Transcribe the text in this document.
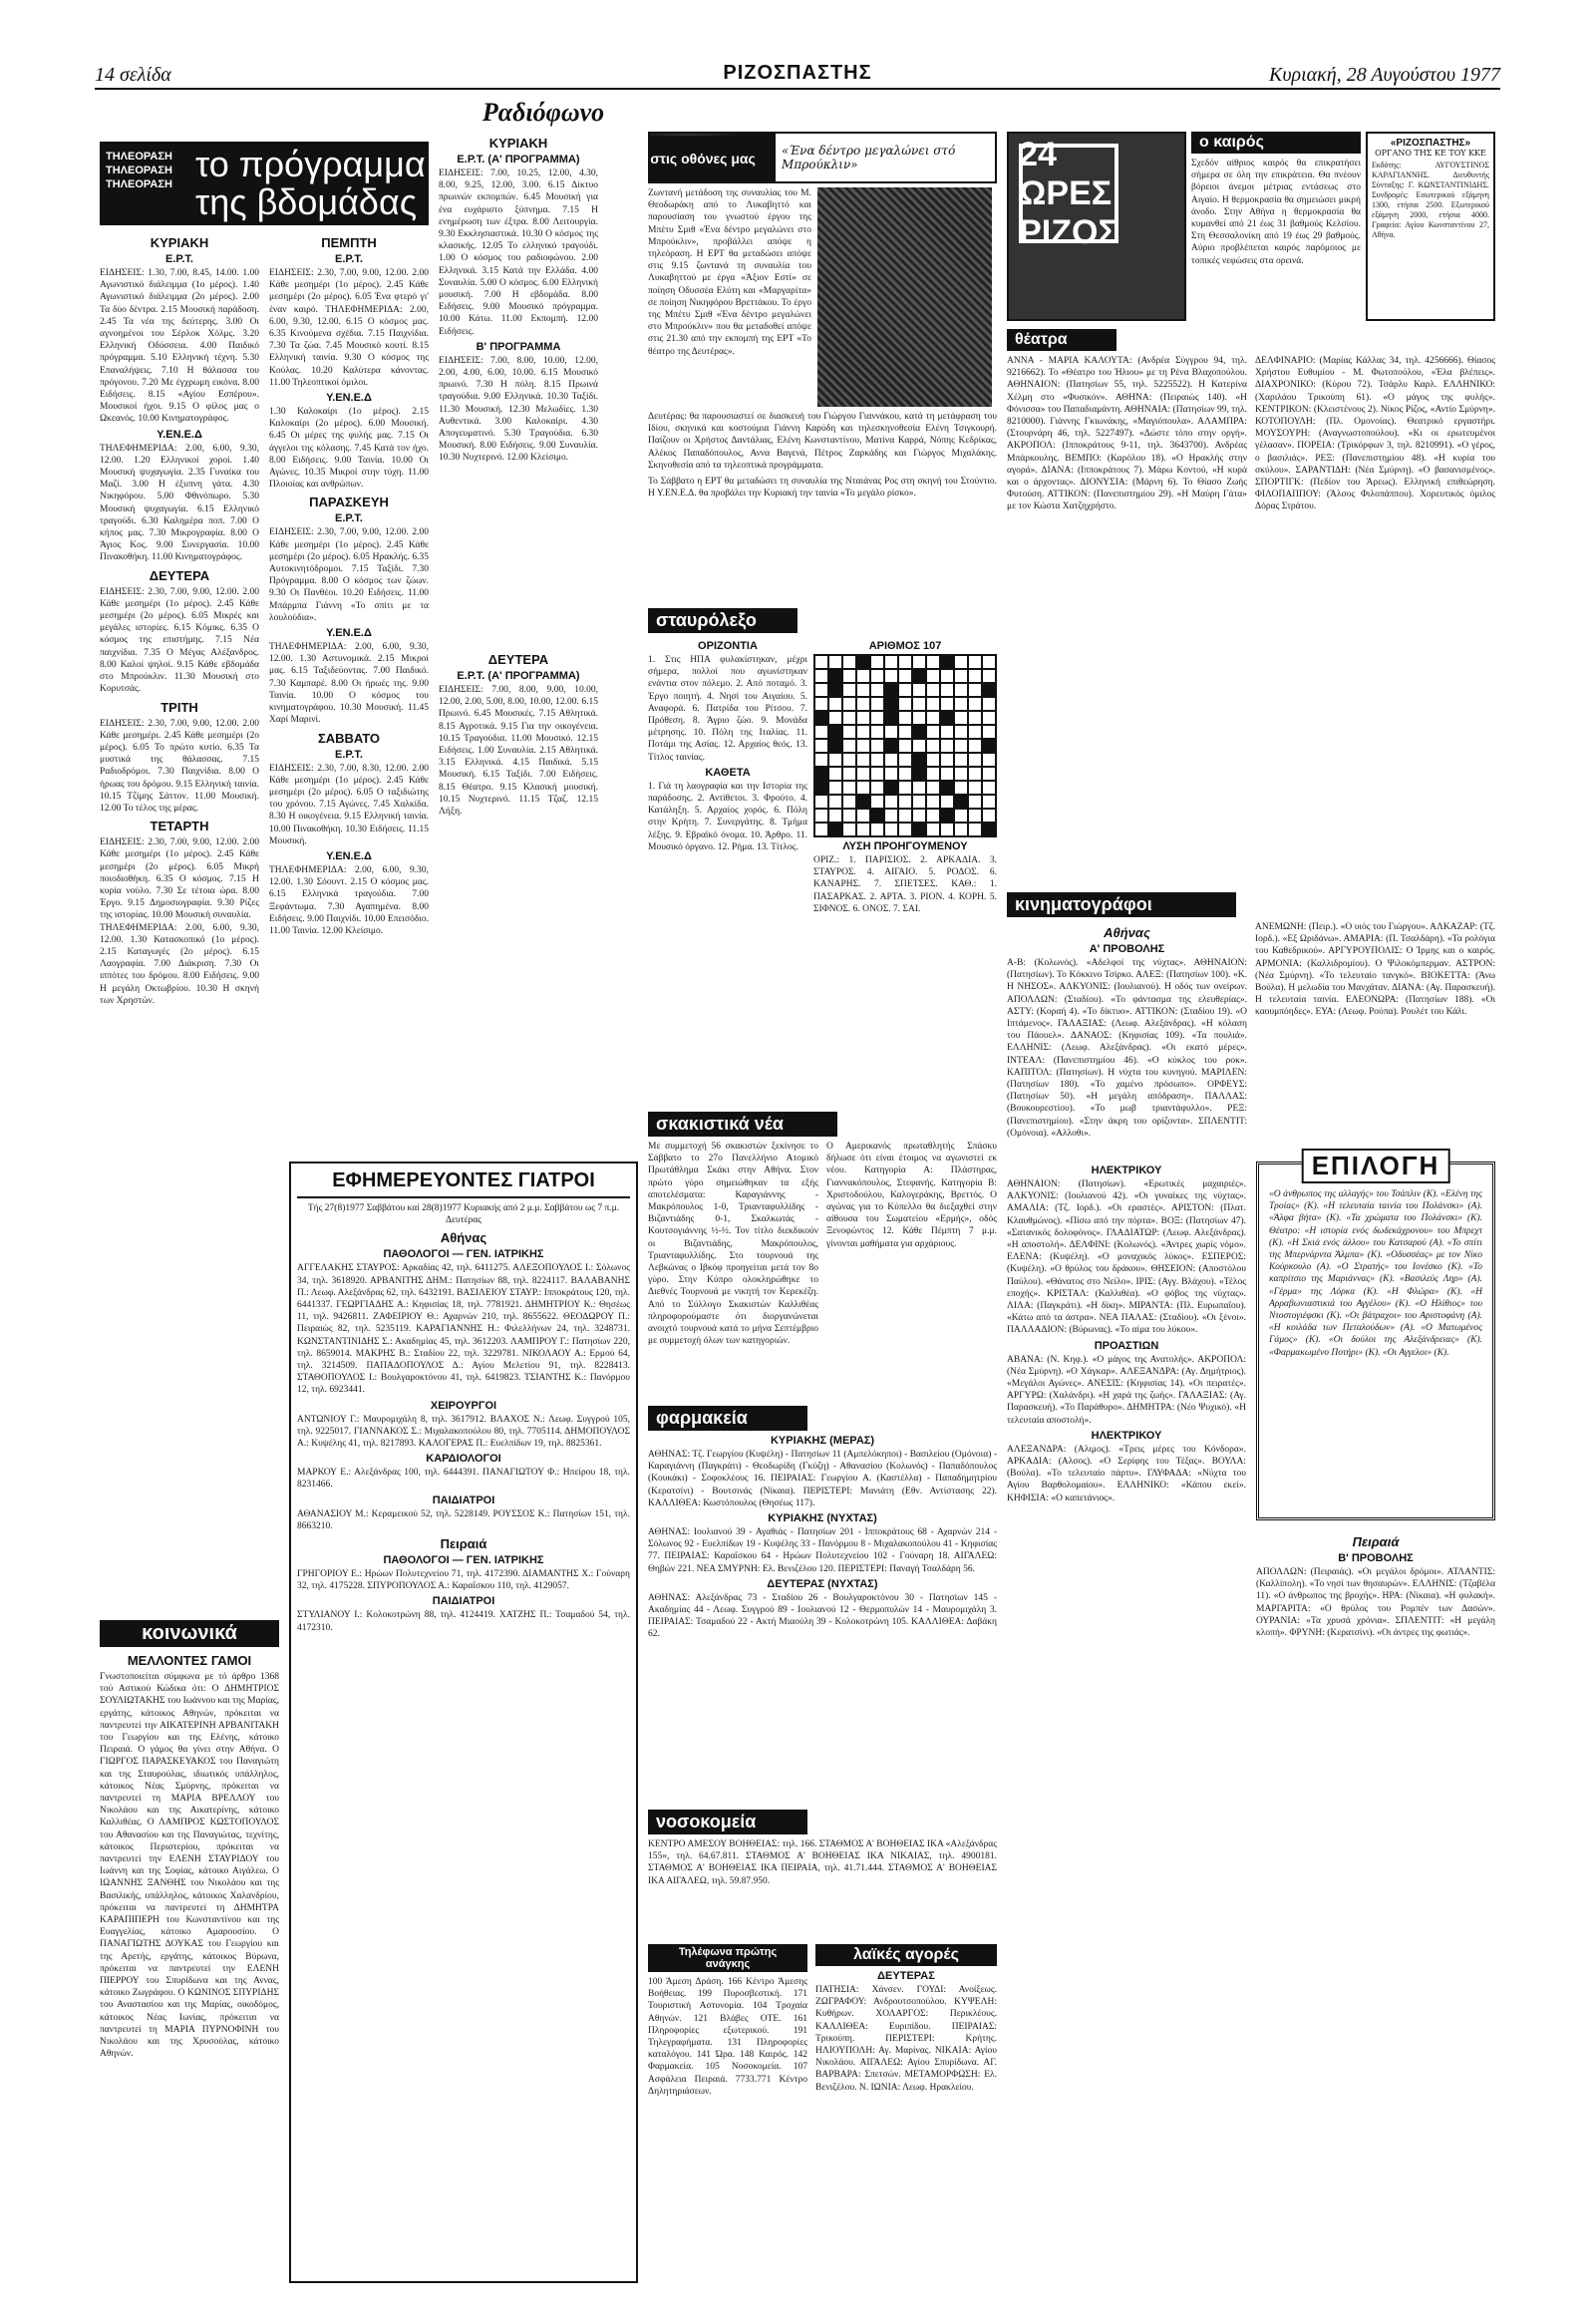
14 σελίδα	ΡΙΖΟΣΠΑΣΤΗΣ	Κυριακή, 28 Αυγούστου 1977
Ραδιόφωνο
ΤΗΛΕΟΡΑΣΗ ΤΗΛΕΟΡΑΣΗ ΤΗΛΕΟΡΑΣΗ το πρόγραμμα της βδομάδας
ΚΥΡΙΑΚΗ
Ε.Ρ.Τ.
ΕΙΔΗΣΕΙΣ: 1.30, 7.00, 8.45, 14.00. 1.00 Αγωνιστικό διάλειμμα (1ο μέρος). 1.40 Αγωνιστικό διάλειμμα (2ο μέρος). 2.00 Τα δύο δέντρα. 2.15 Μουσική παράδοση. 2.45 Τα νέα της δεύτερης. 3.00 Οι αγνοημένοι του Σέρλοκ Χόλμς. 3.20 Ελληνική Οδύσσεια. 4.00 Παιδικό πρόγραμμα. 5.10 Ελληνική τέχνη. 5.30 Επαναλήψεις. 7.10 Η θάλασσα του πρόγονου. 7.20 Με έγχρωμη εικόνα. 8.00 Ειδήσεις. 8.15 «Αγίου Εσπέρου». Μουσικοί ήχοι. 9.15 Ο φίλος μας ο Ωκεανός. 10.00 Κινηματογράφος.
Υ.ΕΝ.Ε.Δ
ΤΗΛΕΦΗΜΕΡΙΔΑ: 2.00, 6.00, 9.30, 12.00. 1.20 Ελληνικοί χοροί. 1.40 Μουσική ψυχαγωγία. 2.35 Γυναίκα του Μαζί. 3.00 Η έξυπνη γάτα. 4.30 Νικηφόρου. 5.00 Φθινόπωρο. 5.30 Μουσική ψυχαγωγία. 6.15 Ελληνικό τραγούδι. 6.30 Καλημέρα ποπ. 7.00 Ο κήπος μας. 7.30 Μικρογραφία. 8.00 Ο Άγιος Κος. 9.00 Συνεργασία. 10.00 Πινακοθήκη. 11.00 Κινηματογράφος.
ΔΕΥΤΕΡΑ
ΕΙΔΗΣΕΙΣ: 2.30, 7.00, 9.00, 12.00. 2.00 Κάθε μεσημέρι (1ο μέρος). 2.45 Κάθε μεσημέρι (2ο μέρος). 6.05 Μικρές και μεγάλες ιστορίες. 6.15 Κόμικς. 6.35 Ο κόσμος της επιστήμης. 7.15 Νέα παιχνίδια. 7.35 Ο Μέγας Αλέξανδρος. 8.00 Καλοί ψηλοί. 9.15 Κάθε εβδομάδα στο Μπρούκλιν. 11.30 Μουσική στο Κορυτσάς.
ΤΡΙΤΗ
ΕΙΔΗΣΕΙΣ: 2.30, 7.00, 9.00, 12.00. 2.00 Κάθε μεσημέρι. 2.45 Κάθε μεσημέρι (2ο μέρος). 6.05 Το πρώτο κυτίο. 6.35 Τα μυστικά της θάλασσας. 7.15 Ραδιοδρόμοι. 7.30 Παιχνίδια. 8.00 Ο ήρωας του δρόμου. 9.15 Ελληνική ταινία. 10.15 Τζίμης Σάττον. 11.00 Μουσική. 12.00 Το τέλος της μέρας.
ΤΕΤΑΡΤΗ
ΕΙΔΗΣΕΙΣ: 2.30, 7.00, 9.00, 12.00. 2.00 Κάθε μεσημέρι (1ο μέρος). 2.45 Κάθε μεσημέρι (2ο μέρος). 6.05 Μικρή ποιοδιοθήκη. 6.35 Ο κόσμος. 7.15 Η κυρία νούλο. 7.30 Σε τέτοια ώρα. 8.00 Έργο. 9.15 Δημοσιογραφία. 9.30 Ρίζες της ιστορίας. 10.00 Μουσική συναυλία.
ΤΗΛΕΦΗΜΕΡΙΔΑ: 2.00, 6.00, 9.30, 12.00. 1.30 Κατασκοπικό (1ο μέρος). 2.15 Καταγωγές (2ο μέρος). 6.15 Λαογραφία. 7.00 Διάκριση. 7.30 Οι ιππότες του δρόμου. 8.00 Ειδήσεις. 9.00 Η μεγάλη Οκτωβρίου. 10.30 Η σκηνή των Χρηστών.
ΠΕΜΠΤΗ
Ε.Ρ.Τ.
ΕΙΔΗΣΕΙΣ: 2.30, 7.00, 9.00, 12.00. 2.00 Κάθε μεσημέρι (1ο μέρος). 2.45 Κάθε μεσημέρι (2ο μέρος). 6.05 Ένα φτερό γι' έναν καιρό. ΤΗΛΕΦΗΜΕΡΙΔΑ: 2.00, 6.00, 9.30, 12.00. 6.15 Ο κόσμος μας. 6.35 Κινούμενα σχέδια. 7.15 Παιχνίδια. 7.30 Τα ζώα. 7.45 Μουσικό κουτί. 8.15 Ελληνική ταινία. 9.30 Ο κόσμος της Κούλας. 10.20 Καλύτερα κάνοντας. 11.00 Τηλεοπτικοί όμιλοι.
Υ.ΕΝ.Ε.Δ
1.30 Καλοκαίρι (1ο μέρος). 2.15 Καλοκαίρι (2ο μέρος). 6.00 Μουσική. 6.45 Οι μέρες της φυλής μας. 7.15 Οι άγγελοι της κόλασης. 7.45 Κατά τον ήχο. 8.00 Ειδήσεις. 9.00 Ταινία. 10.00 Οι Αγώνες. 10.35 Μικροί στην τύχη. 11.00 Πλοιοίας και ανθρώπων.
ΠΑΡΑΣΚΕΥΗ
Ε.Ρ.Τ.
ΕΙΔΗΣΕΙΣ: 2.30, 7.00, 9.00, 12.00. 2.00 Κάθε μεσημέρι (1ο μέρος). 2.45 Κάθε μεσημέρι (2ο μέρος). 6.05 Ηρακλής. 6.35 Αυτοκινητόδρομοι. 7.15 Ταξίδι. 7.30 Πρόγραμμα. 8.00 Ο κόσμος των ζώων. 9.30 Οι Πανθέοι. 10.20 Ειδήσεις. 11.00 Μπάρμπα Γιάννη «Το σπίτι με τα λουλούδια».
Υ.ΕΝ.Ε.Δ
ΤΗΛΕΦΗΜΕΡΙΔΑ: 2.00, 6.00, 9.30, 12.00. 1.30 Αστυνομικά. 2.15 Μικροί μας. 6.15 Ταξιδεύοντας. 7.00 Παιδικό. 7.30 Καμπαρέ. 8.00 Οι ήρωές της. 9.00 Ταινία. 10.00 Ο κόσμος του κινηματογράφου. 10.30 Μουσική. 11.45 Χαρί Μαρινί.
ΣΑΒΒΑΤΟ
Ε.Ρ.Τ.
ΕΙΔΗΣΕΙΣ: 2.30, 7.00, 8.30, 12.00. 2.00 Κάθε μεσημέρι (1ο μέρος). 2.45 Κάθε μεσημέρι (2ο μέρος). 6.05 Ο ταξιδιώτης του χρόνου. 7.15 Αγώνες. 7.45 Χαλκίδα. 8.30 Η οικογένεια. 9.15 Ελληνική ταινία. 10.00 Πινακοθήκη. 10.30 Ειδήσεις. 11.15 Μουσική.
Υ.ΕΝ.Ε.Δ
ΤΗΛΕΦΗΜΕΡΙΔΑ: 2.00, 6.00, 9.30, 12.00. 1.30 Σόουντ. 2.15 Ο κόσμος μας. 6.15 Ελληνικά τραγούδια. 7.00 Ξεφάντωμα. 7.30 Αγαπημένα. 8.00 Ειδήσεις. 9.00 Παιχνίδι. 10.00 Επεισόδιο. 11.00 Ταινία. 12.00 Κλείσιμο.
ΚΥΡΙΑΚΗ
Ε.Ρ.Τ. (Α' ΠΡΟΓΡΑΜΜΑ)
ΕΙΔΗΣΕΙΣ: 7.00, 10.25, 12.00, 4.30, 8.00, 9.25, 12.00, 3.00. 6.15 Δίκτυο πρωινών εκπομπών. 6.45 Μουσική για ένα ευχάριστο ξύπνημα. 7.15 Η ενημέρωση των έξτρα. 8.00 Λειτουργία. 9.30 Εκκλησιαστικά. 10.30 Ο κόσμος της κλασικής. 12.05 Το ελληνικό τραγούδι. 1.00 Ο κόσμος του ραδιοφώνου. 2.00 Ελληνικά. 3.15 Κατά την Ελλάδα. 4.00 Συναυλία. 5.00 Ο κόσμος. 6.00 Ελληνική μουσική. 7.00 Η εβδομάδα. 8.00 Ειδήσεις. 9.00 Μουσικό πρόγραμμα. 10.00 Κάτω. 11.00 Εκπομπή. 12.00 Ειδήσεις.
Β' ΠΡΟΓΡΑΜΜΑ
ΕΙΔΗΣΕΙΣ: 7.00, 8.00, 10.00, 12.00, 2.00, 4.00, 6.00, 10.00. 6.15 Μουσικό πρωινό. 7.30 Η πόλη. 8.15 Πρωινά τραγούδια. 9.00 Ελληνικά. 10.30 Ταξίδι. 11.30 Μουσική. 12.30 Μελωδίες. 1.30 Αυθεντικά. 3.00 Καλοκαίρι. 4.30 Απογευματινό. 5.30 Τραγούδια. 6.30 Μουσική. 8.00 Ειδήσεις. 9.00 Συναυλία. 10.30 Νυχτερινό. 12.00 Κλείσιμο.
ΔΕΥΤΕΡΑ
Ε.Ρ.Τ. (Α' ΠΡΟΓΡΑΜΜΑ)
ΕΙΔΗΣΕΙΣ: 7.00, 8.00, 9.00, 10.00, 12.00, 2.00, 5.00, 8.00, 10.00, 12.00. 6.15 Πρωινό. 6.45 Μουσικές. 7.15 Αθλητικά. 8.15 Αγροτικά. 9.15 Για την οικογένεια. 10.15 Τραγούδια. 11.00 Μουσικό. 12.15 Ειδήσεις. 1.00 Συναυλία. 2.15 Αθλητικά. 3.15 Ελληνικά. 4.15 Παιδικά. 5.15 Μουσική. 6.15 Ταξίδι. 7.00 Ειδήσεις. 8.15 Θέατρο. 9.15 Κλασική μουσική. 10.15 Νυχτερινό. 11.15 Τζαζ. 12.15 Λήξη.
ΕΦΗΜΕΡΕΥΟΝΤΕΣ ΓΙΑΤΡΟΙ
Τής 27(8)1977 Σαββάτου καί 28(8)1977 Κυριακής από 2 μ.μ. Σαββάτου ως 7 π.μ. Δευτέρας
Αθήνας
ΠΑΘΟΛΟΓΟΙ — ΓΕΝ. ΙΑΤΡΙΚΗΣ
ΑΓΓΕΛΑΚΗΣ ΣΤΑΥΡΟΣ: Αρκαδίας 42, τηλ. 6411275. ΑΛΕΞΟΠΟΥΛΟΣ Ι.: Σόλωνος 34, τηλ. 3618920. ΑΡΒΑΝΙΤΗΣ ΔΗΜ.: Πατησίων 88, τηλ. 8224117. ΒΑΛΑΒΑΝΗΣ Π.: Λεωφ. Αλεξάνδρας 62, τηλ. 6432191. ΒΑΣΙΛΕΙΟΥ ΣΤΑΥΡ.: Ιπποκράτους 120, τηλ. 6441337. ΓΕΩΡΓΙΑΔΗΣ Α.: Κηφισίας 18, τηλ. 7781921. ΔΗΜΗΤΡΙΟΥ Κ.: Θησέως 11, τηλ. 9426811. ΖΑΦΕΙΡΙΟΥ Θ.: Αχαρνών 210, τηλ. 8655622. ΘΕΟΔΩΡΟΥ Π.: Πειραιώς 82, τηλ. 5235119. ΚΑΡΑΓΙΑΝΝΗΣ Η.: Φιλελλήνων 24, τηλ. 3248731. ΚΩΝΣΤΑΝΤΙΝΙΔΗΣ Σ.: Ακαδημίας 45, τηλ. 3612203. ΛΑΜΠΡΟΥ Γ.: Πατησίων 220, τηλ. 8659014. ΜΑΚΡΗΣ Β.: Σταδίου 22, τηλ. 3229781. ΝΙΚΟΛΑΟΥ Α.: Ερμού 64, τηλ. 3214509. ΠΑΠΑΔΟΠΟΥΛΟΣ Δ.: Αγίου Μελετίου 91, τηλ. 8228413. ΣΤΑΘΟΠΟΥΛΟΣ Ι.: Βουλγαροκτόνου 41, τηλ. 6419823. ΤΣΙΑΝΤΗΣ Κ.: Πανόρμου 12, τηλ. 6923441.
ΧΕΙΡΟΥΡΓΟΙ
ΑΝΤΩΝΙΟΥ Γ.: Μαυρομιχάλη 8, τηλ. 3617912. ΒΛΑΧΟΣ Ν.: Λεωφ. Συγγρού 105, τηλ. 9225017. ΓΙΑΝΝΑΚΟΣ Σ.: Μιχαλακοπούλου 80, τηλ. 7705114. ΔΗΜΟΠΟΥΛΟΣ Α.: Κυψέλης 41, τηλ. 8217893. ΚΑΛΟΓΕΡΑΣ Π.: Ευελπίδων 19, τηλ. 8825361.
ΚΑΡΔΙΟΛΟΓΟΙ
ΜΑΡΚΟΥ Ε.: Αλεξάνδρας 100, τηλ. 6444391. ΠΑΝΑΓΙΩΤΟΥ Φ.: Ηπείρου 18, τηλ. 8231466.
ΠΑΙΔΙΑΤΡΟΙ
ΑΘΑΝΑΣΙΟΥ Μ.: Κεραμεικού 52, τηλ. 5228149. ΡΟΥΣΣΟΣ Κ.: Πατησίων 151, τηλ. 8663210.
Πειραιά
ΠΑΘΟΛΟΓΟΙ — ΓΕΝ. ΙΑΤΡΙΚΗΣ
ΓΡΗΓΟΡΙΟΥ Ε.: Ηρώων Πολυτεχνείου 71, τηλ. 4172390. ΔΙΑΜΑΝΤΗΣ Χ.: Γούναρη 32, τηλ. 4175228. ΣΠΥΡΟΠΟΥΛΟΣ Α.: Καραΐσκου 110, τηλ. 4129057.
ΠΑΙΔΙΑΤΡΟΙ
ΣΤΥΛΙΑΝΟΥ Ι.: Κολοκοτρώνη 88, τηλ. 4124419. ΧΑΤΖΗΣ Π.: Τσαμαδού 54, τηλ. 4172310.
κοινωνικά
ΜΕΛΛΟΝΤΕΣ ΓΑΜΟΙ
Γνωστοποιείται σύμφωνα με τό άρθρο 1368 τού Αστικού Κώδικα ότι: Ο ΔΗΜΗΤΡΙΟΣ ΣΟΥΛΙΩΤΑΚΗΣ του Ιωάννου και της Μαρίας, εργάτης, κάτοικος Αθηνών, πρόκειται να παντρευτεί την ΑΙΚΑΤΕΡΙΝΗ ΑΡΒΑΝΙΤΑΚΗ του Γεωργίου και της Ελένης, κάτοικο Πειραιά. Ο γάμος θα γίνει στην Αθήνα. Ο ΓΙΩΡΓΟΣ ΠΑΡΑΣΚΕΥΑΚΟΣ του Παναγιώτη και της Σταυρούλας, ιδιωτικός υπάλληλος, κάτοικος Νέας Σμύρνης, πρόκειται να παντρευτεί τη ΜΑΡΙΑ ΒΡΕΛΛΟΥ του Νικολάου και της Αικατερίνης, κάτοικο Καλλιθέας. Ο ΛΑΜΠΡΟΣ ΚΩΣΤΟΠΟΥΛΟΣ του Αθανασίου και της Παναγιώτας, τεχνίτης, κάτοικος Περιστερίου, πρόκειται να παντρευτεί την ΕΛΕΝΗ ΣΤΑΥΡΙΔΟΥ του Ιωάννη και της Σοφίας, κάτοικο Αιγάλεω. Ο ΙΩΑΝΝΗΣ ΞΑΝΘΗΣ του Νικολάου και της Βασιλικής, υπάλληλος, κάτοικος Χαλανδρίου, πρόκειται να παντρευτεί τη ΔΗΜΗΤΡΑ ΚΑΡΑΠΙΠΕΡΗ του Κωνσταντίνου και της Ευαγγελίας, κάτοικο Αμαρουσίου. Ο ΠΑΝΑΓΙΩΤΗΣ ΔΟΥΚΑΣ του Γεωργίου και της Αρετής, εργάτης, κάτοικος Βύρωνα, πρόκειται να παντρευτεί την ΕΛΕΝΗ ΠΙΕΡΡΟΥ του Σπυρίδωνα και της Αννας, κάτοικο Ζωγράφου. Ο ΚΩΝΙΝΟΣ ΣΠΥΡΙΔΗΣ του Αναστασίου και της Μαρίας, οικοδόμος, κάτοικος Νέας Ιωνίας, πρόκειται να παντρευτεί τη ΜΑΡΙΑ ΠΥΡΝΟΦΙΝΗ του Νικολάου και της Χρυσούλας, κάτοικο Αθηνών.
«Ένα δέντρο μεγαλώνει στό Μπρούκλιν»
Ζωντανή μετάδοση της συναυλίας του Μ. Θεοδωράκη από το Λυκαβηττό και παρουσίαση του γνωστού έργου της Μπέτυ Σμιθ «Ένα δέντρο μεγαλώνει στο Μπρούκλιν», προβάλλει απόψε η τηλεόραση. Η ΕΡΤ θα μεταδώσει απόψε στις 9.15 ζωντανά τη συναυλία του Λυκαβηττού με έργα «Άξιον Εστί» σε ποίηση Οδυσσέα Ελύτη και «Μαργαρίτα» σε ποίηση Νικηφόρου Βρεττάκου. Το έργο της Μπέτυ Σμιθ «Ένα δέντρο μεγαλώνει στο Μπρούκλιν» που θα μεταδοθεί απόψε στις 21.30 από την εκπομπή της ΕΡΤ «Το θέατρο της Δευτέρας».
Δευτέρας: θα παρουσιαστεί σε διασκευή του Γιώργου Γιαννάκου, κατά τη μετάφραση του Ιδίου, σκηνικά και κοστούμια Γιάννη Καρύδη και τηλεσκηνοθεσία Ελένη Τσιγκουρή. Παίζουν οι Χρήστος Δαντάλιας, Ελένη Κωνσταντίνου, Ματίνα Καρρά, Νόπης Κεδρίκας, Αλέκος Παπαδόπουλος, Αννα Βαγενά, Πέτρος Ζαρκάδης και Γιώργος Μιχαλάκης. Σκηνοθεσία από τα τηλεοπτικά προγράμματα.
Το Σάββατο η ΕΡΤ θα μεταδώσει τη συναυλία της Νταιάνας Ρος στη σκηνή του Στούντιο. Η Υ.ΕΝ.Ε.Δ. θα προβάλει την Κυριακή την ταινία «Το μεγάλο ρίσκο».
στις οθόνες μας	24 ΩΡΕΣ ΡΙΖΟΣ
ο καιρός
Σχεδόν αίθριος καιρός θα επικρατήσει σήμερα σε όλη την επικράτεια. Θα πνέουν βόρειοι άνεμοι μέτριας εντάσεως στο Αιγαίο. Η θερμοκρασία θα σημειώσει μικρή άνοδο. Στην Αθήνα η θερμοκρασία θα κυμανθεί από 21 έως 31 βαθμούς Κελσίου. Στη Θεσσαλονίκη από 19 έως 29 βαθμούς. Αύριο προβλέπεται καιρός παρόμοιος με τοπικές νεφώσεις στα ορεινά.
«ΡΙΖΟΣΠΑΣΤΗΣ»
ΟΡΓΑΝΟ ΤΗΣ ΚΕ ΤΟΥ ΚΚΕ
Εκδότης: ΑΥΓΟΥΣΤΙΝΟΣ ΚΑΡΑΓΙΑΝΝΗΣ. Διευθυντής Σύνταξης: Γ. ΚΩΝΣΤΑΝΤΙΝΙΔΗΣ. Συνδρομές: Εσωτερικού εξάμηνη 1300, ετήσια 2500. Εξωτερικού εξάμηνη 2000, ετήσια 4000. Γραφεία: Αγίου Κωνσταντίνου 27, Αθήνα.
θέατρα
ΑΝΝΑ - ΜΑΡΙΑ ΚΑΛΟΥΤΑ: (Ανδρέα Σύγγρου 94, τηλ. 9216662). Το «Θέατρο του Ήλιου» με τη Ρένα Βλαχοπούλου. ΑΘΗΝΑΙΟΝ: (Πατησίων 55, τηλ. 5225522). Η Κατερίνα Χέλμη στο «Φυσικόν». ΑΘΗΝΑ: (Πειραιώς 140). «Η Φόνισσα» του Παπαδιαμάντη. ΑΘΗΝΑΙΑ: (Πατησίων 99, τηλ. 8210000). Γιάννης Γκιωνάκης, «Μαγιόπουλα». ΑΛΑΜΠΡΑ: (Στουρνάρη 46, τηλ. 5227497). «Δώστε τόπο στην οργή». ΑΚΡΟΠΟΛ: (Ιπποκράτους 9-11, τηλ. 3643700). Ανδρέας Μπάρκουλης. ΒΕΜΠΟ: (Καρόλου 18). «Ο Ηρακλής στην αγορά». ΔΙΑΝΑ: (Ιπποκράτους 7). Μάρω Κοντού, «Η κυρά και ο άρχοντας». ΔΙΟΝΥΣΙΑ: (Μάρνη 6). Το Θίασο Ζωής Φυτούση. ΑΤΤΙΚΟΝ: (Πανεπιστημίου 29). «Η Μαύρη Γάτα» με τον Κώστα Χατζηχρήστο.
ΔΕΛΦΙΝΑΡΙΟ: (Μαρίας Κάλλας 34, τηλ. 4256666). Θίασος Χρήστου Ευθυμίου - Μ. Φωτοπούλου, «Έλα βλέπεις». ΔΙΑΧΡΟΝΙΚΟ: (Κύρου 72). Τσάρλυ Καρλ. ΕΛΛΗΝΙΚΟ: (Χαριλάου Τρικούπη 61). «Ο μάγος της φυλής». ΚΕΝΤΡΙΚΟΝ: (Κλειστένους 2). Νίκος Ρίζος, «Αντίο Σμύρνη». ΚΟΤΟΠΟΥΛΗ: (Πλ. Ομονοίας). Θεατρικό εργαστήρι. ΜΟΥΣΟΥΡΗ: (Αναγνωστοπούλου). «Κι οι ερωτευμένοι γέλασαν». ΠΟΡΕΙΑ: (Τρικόρφων 3, τηλ. 8210991). «Ο γέρος, ο βασιλιάς». ΡΕΞ: (Πανεπιστημίου 48). «Η κυρία του σκύλου». ΣΑΡΑΝΤΙΔΗ: (Νέα Σμύρνη). «Ο βασανισμένος». ΣΠΟΡΤΙΓΚ: (Πεδίον του Άρεως). Ελληνική επιθεώρηση. ΦΙΛΟΠΑΠΠΟΥ: (Άλσος Φιλοπάππου). Χορευτικός όμιλος Δόρας Στράτου.
σταυρόλεξο
ΟΡΙΖΟΝΤΙΑ
1. Στις ΗΠΑ φυλακίστηκαν, μέχρι σήμερα, πολλοί που αγωνίστηκαν ενάντια στον πόλεμο. 2. Από ποταμό. 3. Έργο ποιητή. 4. Νησί του Αιγαίου. 5. Αναφορά. 6. Πατρίδα του Ρίτσου. 7. Πρόθεση. 8. Άγριο ζώο. 9. Μονάδα μέτρησης. 10. Πόλη της Ιταλίας. 11. Ποτάμι της Ασίας. 12. Αρχαίος θεός. 13. Τίτλος ταινίας.
ΚΑΘΕΤΑ
1. Γιά τη λαογραφία και την Ιστορία της παράδοσης. 2. Αντίθετοι. 3. Φρούτο. 4. Κατάληξη. 5. Αρχαίος χορός. 6. Πόλη στην Κρήτη. 7. Συνεργάτης. 8. Τμήμα λέξης. 9. Εβραϊκό όνομα. 10. Άρθρο. 11. Μουσικό όργανο. 12. Ρήμα. 13. Τίτλος.
ΑΡΙΘΜΟΣ 107
ΛΥΣΗ ΠΡΟΗΓΟΥΜΕΝΟΥ
ΟΡΙΖ.: 1. ΠΑΡΙΣΙΟΣ. 2. ΑΡΚΑΔΙΑ. 3. ΣΤΑΥΡΟΣ. 4. ΑΙΓΑΙΟ. 5. ΡΟΔΟΣ. 6. ΚΑΝΑΡΗΣ. 7. ΣΠΕΤΣΕΣ. ΚΑΘ.: 1. ΠΑΣΑΡΚΑΣ. 2. ΑΡΤΑ. 3. ΡΙΟΝ. 4. ΚΟΡΗ. 5. ΣΙΦΝΟΣ. 6. ΟΝΟΣ. 7. ΣΑΙ.
σκακιστικά νέα
Με συμμετοχή 56 σκακιστών ξεκίνησε το Σάββατο το 27ο Πανελλήνιο Ατομικό Πρωτάθλημα Σκάκι στην Αθήνα. Στον πρώτο γύρο σημειώθηκαν τα εξής αποτελέσματα: Καραγιάννης - Μακρόπουλος 1-0, Τριανταφυλλίδης - Βιζαντιάδης 0-1, Σκαλκωτάς - Κουτσογιάννης ½-½. Τον τίτλο διεκδικούν οι Βιζαντιάδης, Μακρόπουλος, Τριανταφυλλίδης. Στο τουρνουά της Λεβκώνας ο Ιβκόφ προηγείται μετά τον 8ο γύρο. Στην Κύπρο ολοκληρώθηκε το Διεθνές Τουρνουά με νικητή τον Κερεκέζη. Από το Σύλλογο Σκακιστών Καλλιθέας πληροφορούμαστε ότι διοργανώνεται ανοιχτό τουρνουά κατά το μήνα Σεπτέμβριο με συμμετοχή όλων των κατηγοριών.
Ο Αμερικανός πρωταθλητής Σπάσκυ δήλωσε ότι είναι έτοιμος να αγωνιστεί εκ νέου. Κατηγορία Α: Πλάστηρας, Γιαννακόπουλος, Στεφανής. Κατηγορία Β: Χριστοδούλου, Καλογεράκης, Βρεττός. Ο αγώνας για το Κύπελλο θα διεξαχθεί στην αίθουσα του Σωματείου «Ερμής», οδός Ξενοφώντος 12. Κάθε Πέμπτη 7 μ.μ. γίνονται μαθήματα για αρχάριους.
φαρμακεία
ΚΥΡΙΑΚΗΣ (ΜΕΡΑΣ)
ΑΘΗΝΑΣ: Τζ. Γεωργίου (Κυψέλη) - Πατησίων 11 (Αμπελόκηποι) - Βασιλείου (Ομόνοια) - Καραγιάννη (Παγκράτι) - Θεοδωρίδη (Γκύζη) - Αθανασίου (Κολωνός) - Παπαδόπουλος (Κουκάκι) - Σοφοκλέους 16. ΠΕΙΡΑΙΑΣ: Γεωργίου Α. (Καστέλλα) - Παπαδημητρίου (Κερατσίνι) - Βουτσινάς (Νίκαια). ΠΕΡΙΣΤΕΡΙ: Μανιάτη (Εθν. Αντίστασης 22). ΚΑΛΛΙΘΕΑ: Κωστόπουλος (Θησέως 117).
ΚΥΡΙΑΚΗΣ (ΝΥΧΤΑΣ)
ΑΘΗΝΑΣ: Ιουλιανού 39 - Αγαθιάς - Πατησίων 201 - Ιπποκράτους 68 - Αχαρνών 214 - Σόλωνος 92 - Ευελπίδων 19 - Κυψέλης 33 - Πανόρμου 8 - Μιχαλακοπούλου 41 - Κηφισίας 77. ΠΕΙΡΑΙΑΣ: Καραΐσκου 64 - Ηρώων Πολυτεχνείου 102 - Γούναρη 18. ΑΙΓΑΛΕΩ: Θηβών 221. ΝΕΑ ΣΜΥΡΝΗ: Ελ. Βενιζέλου 120. ΠΕΡΙΣΤΕΡΙ: Παναγή Τσαλδάρη 56.
ΔΕΥΤΕΡΑΣ (ΝΥΧΤΑΣ)
ΑΘΗΝΑΣ: Αλεξάνδρας 73 - Σταδίου 26 - Βουλγαροκτόνου 30 - Πατησίων 145 - Ακαδημίας 44 - Λεωφ. Συγγρού 89 - Ιουλιανού 12 - Θερμοπυλών 14 - Μαυρομιχάλη 3. ΠΕΙΡΑΙΑΣ: Τσαμαδού 22 - Ακτή Μιαούλη 39 - Κολοκοτρώνη 105. ΚΑΛΛΙΘΕΑ: Δαβάκη 62.
νοσοκομεία
ΚΕΝΤΡΟ ΑΜΕΣΟΥ ΒΟΗΘΕΙΑΣ: τηλ. 166. ΣΤΑΘΜΟΣ Α' ΒΟΗΘΕΙΑΣ ΙΚΑ «Αλεξάνδρας 155», τηλ. 64.67.811. ΣΤΑΘΜΟΣ Α' ΒΟΗΘΕΙΑΣ ΙΚΑ ΝΙΚΑΙΑΣ, τηλ. 4900181. ΣΤΑΘΜΟΣ Α' ΒΟΗΘΕΙΑΣ ΙΚΑ ΠΕΙΡΑΙΑ, τηλ. 41.71.444. ΣΤΑΘΜΟΣ Α' ΒΟΗΘΕΙΑΣ ΙΚΑ ΑΙΓΑΛΕΩ, τηλ. 59.87.950.
Τηλέφωνα πρώτης ανάγκης
100 Άμεση Δράση. 166 Κέντρο Άμεσης Βοήθειας. 199 Πυροσβεστική. 171 Τουριστική Αστυνομία. 104 Τροχαία Αθηνών. 121 Βλάβες ΟΤΕ. 161 Πληροφορίες εξωτερικού. 191 Τηλεγραφήματα. 131 Πληροφορίες καταλόγου. 141 Ώρα. 148 Καιρός. 142 Φαρμακεία. 105 Νοσοκομεία. 107 Ασφάλεια Πειραιά. 7733.771 Κέντρο Δηλητηριάσεων.
λαϊκές αγορές
ΔΕΥΤΕΡΑΣ
ΠΑΤΗΣΙΑ: Χάνσεν. ΓΟΥΔΙ: Ανοίξεως. ΖΩΓΡΑΦΟΥ: Ανδρουτσοπούλου. ΚΥΨΕΛΗ: Κυθήρων. ΧΟΛΑΡΓΟΣ: Περικλέους. ΚΑΛΛΙΘΕΑ: Ευριπίδου. ΠΕΙΡΑΙΑΣ: Τρικούπη. ΠΕΡΙΣΤΕΡΙ: Κρήτης. ΗΛΙΟΥΠΟΛΗ: Αγ. Μαρίνας. ΝΙΚΑΙΑ: Αγίου Νικολάου. ΑΙΓΑΛΕΩ: Αγίου Σπυρίδωνα. ΑΓ. ΒΑΡΒΑΡΑ: Σπετσών. ΜΕΤΑΜΟΡΦΩΣΗ: Ελ. Βενιζέλου. Ν. ΙΩΝΙΑ: Λεωφ. Ηρακλείου.
κινηματογράφοι
Αθήνας
Α' ΠΡΟΒΟΛΗΣ
Α-Β: (Κολωνός). «Αδελφοί της νύχτας». ΑΘΗΝΑΙΟΝ: (Πατησίων). Το Κόκκινο Τσίρκο. ΑΛΕΞ: (Πατησίων 100). «Κ. Η ΝΗΣΟΣ». ΑΛΚΥΟΝΙΣ: (Ιουλιανού). Η οδός των ονείρων. ΑΠΟΛΛΩΝ: (Σταδίου). «Το φάντασμα της ελευθερίας». ΑΣΤΥ: (Κοραή 4). «Το δίκτυο». ΑΤΤΙΚΟΝ: (Σταδίου 19). «Ο Ιπτάμενος». ΓΑΛΑΞΙΑΣ: (Λεωφ. Αλεξάνδρας). «Η κόλαση του Πάουελ». ΔΑΝΑΟΣ: (Κηφισίας 109). «Τα πουλιά». ΕΛΛΗΝΙΣ: (Λεωφ. Αλεξάνδρας). «Οι εκατό μέρες». ΙΝΤΕΑΛ: (Πανεπιστημίου 46). «Ο κύκλος του ροκ». ΚΑΠΙΤΟΛ: (Πατησίων). Η νύχτα του κυνηγού. ΜΑΡΙΛΕΝ: (Πατησίων 180). «Το χαμένο πρόσωπο». ΟΡΦΕΥΣ: (Πατησίων 50). «Η μεγάλη απόδραση». ΠΑΛΛΑΣ: (Βουκουρεστίου). «Το μωβ τριαντάφυλλο». ΡΕΞ: (Πανεπιστημίου). «Στην άκρη του ορίζοντα». ΣΠΛΕΝΤΙΤ: (Ομόνοια). «Αλλοθι».
ΑΝΕΜΩΝΗ: (Πειρ.). «Ο υιός του Γιώργου». ΑΛΚΑΖΑΡ: (Τζ. Ιορδ.). «Εξ Ωριδάνω». ΑΜΑΡΙΑ: (Π. Τσαλδάρη). «Τα ρολόγια του Καθεδρικού». ΑΡΓΥΡΟΥΠΟΛΙΣ: Ο Ίρμης και ο καιρός. ΑΡΜΟΝΙΑ: (Καλλιδρομίου). Ο Ψιλοκόμπερμαν. ΑΣΤΡΟΝ: (Νέα Σμύρνη). «Το τελευταίο τανγκό». ΒΙΟΚΕΤΤΑ: (Άνω Βούλα). Η μελωδία του Μανχάταν. ΔΙΑΝΑ: (Αγ. Παρασκευή). Η τελευταία ταινία. ΕΛΕΟΝΩΡΑ: (Πατησίων 188). «Οι καουμπόηδες». ΕΥΑ: (Λεωφ. Ρούπα). Ρουλέτ του Κάλι.
ΕΠΙΛΟΓΗ
«Ο άνθρωπος της αλλαγής» του Τσάπλιν (Κ). «Ελένη της Τροίας» (Κ). «Η τελευταία ταινία του Πολάνσκι» (Α). «Άλφα βήτα» (Κ). «Τα χρώματα του Πολάνσκι» (Κ). Θέατρο: «Η ιστορία ενός δωδεκάχρονου» του Μπρεχτ (Κ). «Η Σκιά ενός άλλου» του Κατσαρού (Α). «Το σπίτι της Μπερνάρντα Άλμπα» (Κ). «Οδυσσέας» με τον Νίκο Κούρκουλο (Α). «Ο Στρατής» του Ιονέσκο (Κ). «Το καπρίτσιο της Μαριάννας» (Κ). «Βασιλεύς Ληρ» (Α). «Γέρμα» της Λόρκα (Κ). «Η Φλώρα» (Κ). «Η Αρραβωνιαστικιά του Αγγέλου» (Κ). «Ο Ηλίθιος» του Ντοστογιέφσκι (Κ). «Οι βάτραχοι» του Αριστοφάνη (Α). «Η κοιλάδα των Πεταλούδων» (Α). «Ο Ματωμένος Γάμος» (Κ). «Οι δούλοι της Αλεξάνδρειας» (Κ). «Φαρμακωμένο Ποτήρι» (Κ). «Οι Αγγελοι» (Κ).
ΗΛΕΚΤΡΙΚΟΥ
ΑΘΗΝΑΙΟΝ: (Πατησίων). «Ερωτικές μαχαιριές». ΑΛΚΥΟΝΙΣ: (Ιουλιανού 42). «Οι γυναίκες της νύχτας». ΑΜΑΛΙΑ: (Τζ. Ιορδ.). «Οι εραστές». ΑΡΙΣΤΟΝ: (Πλατ. Κλαυθμώνος). «Πίσω από την πόρτα». ΒΟΞ: (Πατησίων 47). «Σατανικός δολοφόνος». ΓΛΑΔΙΑΤΩΡ: (Λεωφ. Αλεξάνδρας). «Η αποστολή». ΔΕΛΦΙΝΙ: (Κολωνός). «Άντρες χωρίς νόμο». ΕΛΕΝΑ: (Κυψέλη). «Ο μοναχικός λύκος». ΕΣΠΕΡΟΣ: (Κυψέλη). «Ο θρύλος του δράκου». ΘΗΣΕΙΟΝ: (Αποστόλου Παύλου). «Θάνατος στο Νείλο». ΙΡΙΣ: (Αγγ. Βλάχου). «Τέλος εποχής». ΚΡΙΣΤΑΛ: (Καλλιθέα). «Ο φόβος της νύχτας». ΛΙΛΑ: (Παγκράτι). «Η δίκη». ΜΙΡΑΝΤΑ: (Πλ. Ευρωπαΐου). «Κάτω από τα άστρα». ΝΕΑ ΠΑΛΑΣ: (Σταδίου). «Οι ξένοι». ΠΑΛΛΑΔΙΟΝ: (Βύρωνας). «Το αίμα του λύκου».
ΠΡΟΑΣΤΙΩΝ
ΑΒΑΝΑ: (Ν. Κηφ.). «Ο μάγος της Ανατολής». ΑΚΡΟΠΟΛ: (Νέα Σμύρνη). «Ο Χάγκαρ». ΑΛΕΞΑΝΔΡΑ: (Αγ. Δημήτριος). «Μεγάλοι Αγώνες». ΑΝΕΣΙΣ: (Κηφισίας 14). «Οι πειρατές». ΑΡΓΥΡΩ: (Χαλάνδρι). «Η χαρά της ζωής». ΓΑΛΑΞΙΑΣ: (Αγ. Παρασκευή). «Το Παράθυρο». ΔΗΜΗΤΡΑ: (Νέο Ψυχικό). «Η τελευταία αποστολή».
ΗΛΕΚΤΡΙΚΟΥ
ΑΛΕΞΑΝΔΡΑ: (Αλιμος). «Τρεις μέρες του Κόνδορα». ΑΡΚΑΔΙΑ: (Αλσος). «Ο Σερίφης του Τέξας». ΒΟΥΛΑ: (Βούλα). «Το τελευταίο πάρτυ». ΓΛΥΦΑΔΑ: «Νύχτα του Αγίου Βαρθολομαίου». ΕΛΛΗΝΙΚΟ: «Κάπου εκεί». ΚΗΦΙΣΙΑ: «Ο καπετάνιος».
Πειραιά
Β' ΠΡΟΒΟΛΗΣ
ΑΠΟΛΛΩΝ: (Πειραιάς). «Οι μεγάλοι δρόμοι». ΑΤΛΑΝΤΙΣ: (Καλλίπολη). «Το νησί των θησαυρών». ΕΛΛΗΝΙΣ: (Τζαβέλα 11). «Ο άνθρωπος της βροχής». ΗΡΑ: (Νίκαια). «Η φυλακή». ΜΑΡΓΑΡΙΤΑ: «Ο θρύλος του Ρομπέν των Δασών». ΟΥΡΑΝΙΑ: «Τα χρυσά χρόνια». ΣΠΛΕΝΤΙΤ: «Η μεγάλη κλοπή». ΦΡΥΝΗ: (Κερατσίνι). «Οι άντρες της φωτιάς».
